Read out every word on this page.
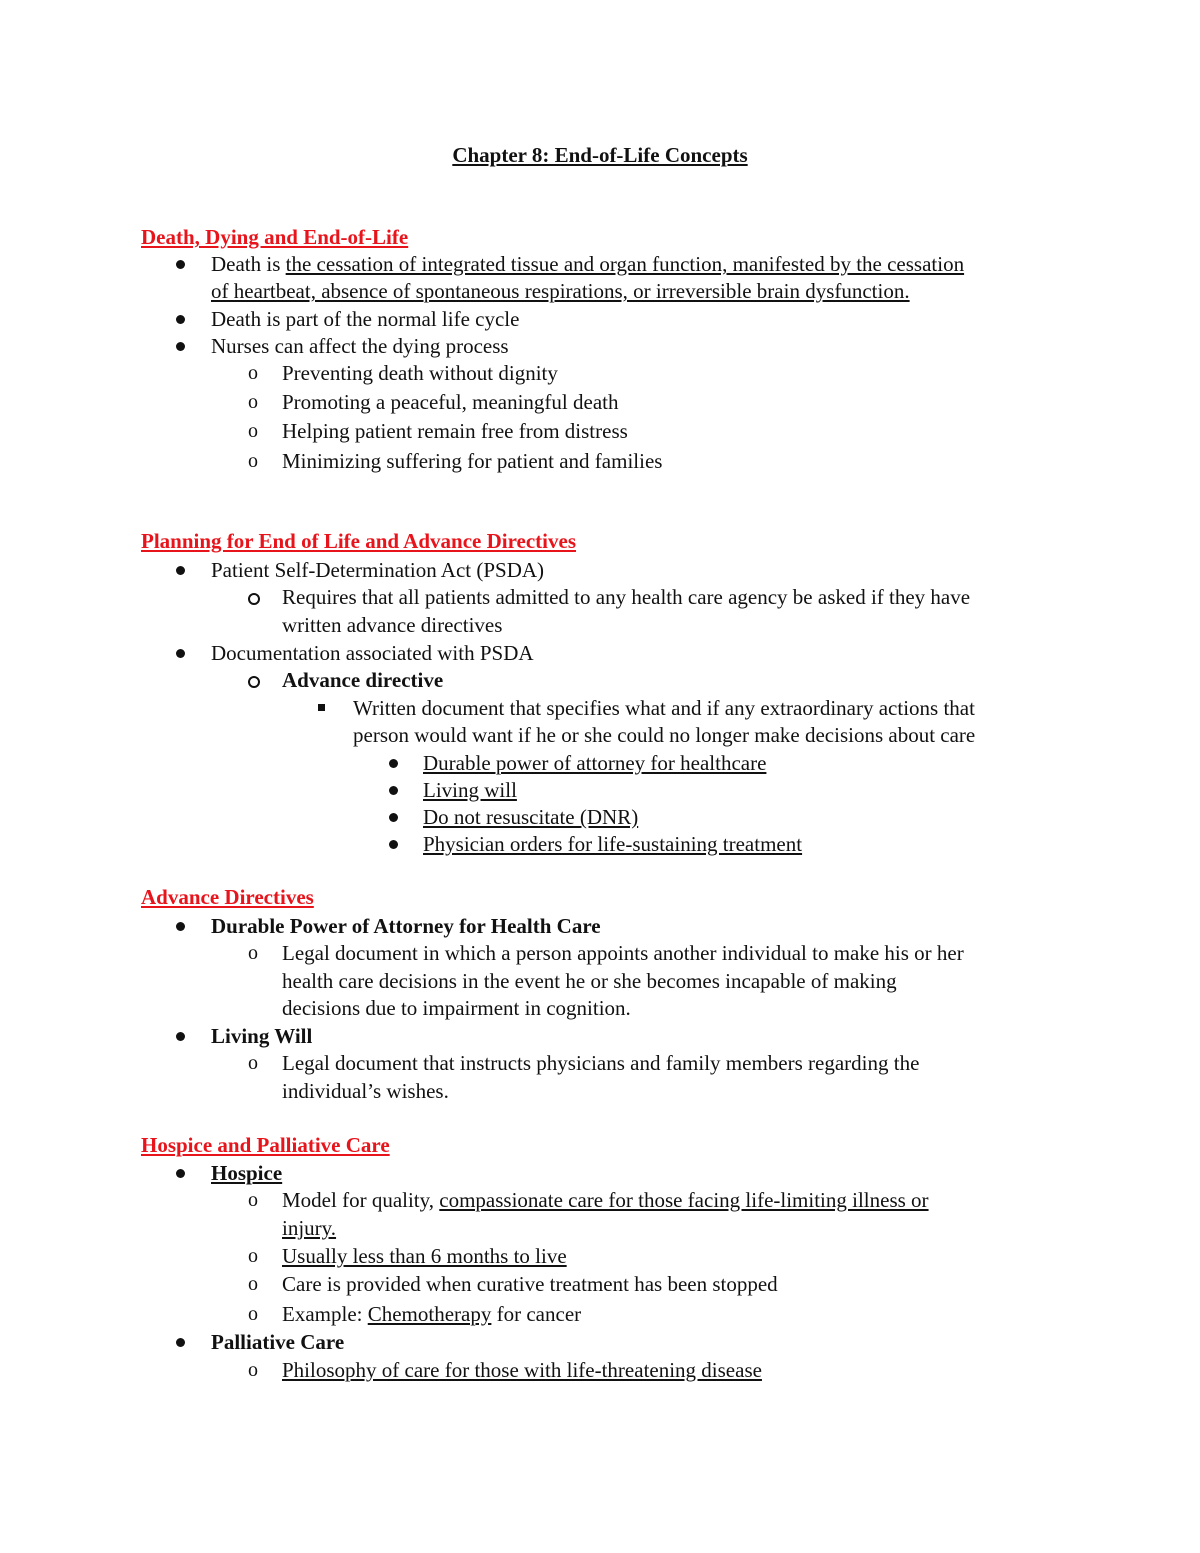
Chapter 8: End-of-Life Concepts
Death, Dying and End-of-Life
Death is the cessation of integrated tissue and organ function, manifested by the cessation
of heartbeat, absence of spontaneous respirations, or irreversible brain dysfunction.
Death is part of the normal life cycle
Nurses can affect the dying process
o Preventing death without dignity
o Promoting a peaceful, meaningful death
o Helping patient remain free from distress
o Minimizing suffering for patient and families
Planning for End of Life and Advance Directives
Patient Self-Determination Act (PSDA)
Requires that all patients admitted to any health care agency be asked if they have
written advance directives
Documentation associated with PSDA
Advance directive
Written document that specifies what and if any extraordinary actions that
person would want if he or she could no longer make decisions about care
Durable power of attorney for healthcare
Living will
Do not resuscitate (DNR)
Physician orders for life-sustaining treatment
Advance Directives
Durable Power of Attorney for Health Care
o Legal document in which a person appoints another individual to make his or her
health care decisions in the event he or she becomes incapable of making
decisions due to impairment in cognition.
Living Will
o Legal document that instructs physicians and family members regarding the
individual’s wishes.
Hospice and Palliative Care
Hospice
o Model for quality, compassionate care for those facing life-limiting illness or
injury.
o Usually less than 6 months to live
o Care is provided when curative treatment has been stopped
o Example: Chemotherapy for cancer
Palliative Care
o Philosophy of care for those with life-threatening disease
